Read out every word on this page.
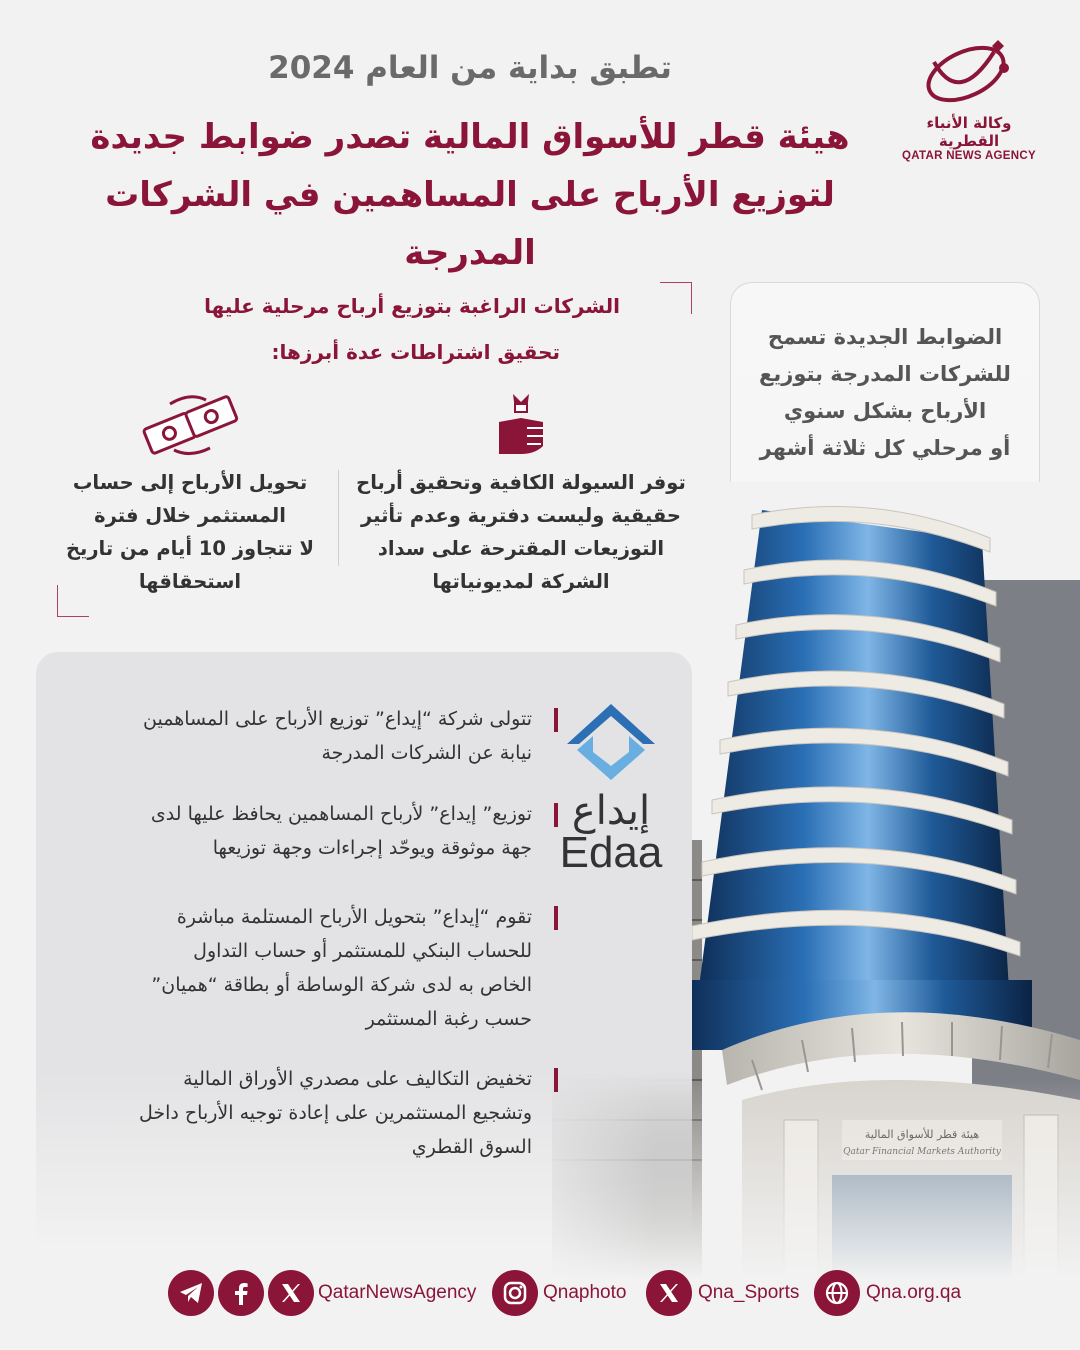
وكالة الأنباء القطرية
QATAR NEWS AGENCY
تطبق بداية من العام 2024
هيئة قطر للأسواق المالية تصدر ضوابط جديدة
لتوزيع الأرباح على المساهمين في الشركات المدرجة
الضوابط الجديدة تسمح
للشركات المدرجة بتوزيع
الأرباح بشكل سنوي
أو مرحلي كل ثلاثة أشهر
الشركات الراغبة بتوزيع أرباح مرحلية عليها
تحقيق اشتراطات عدة أبرزها:
توفر السيولة الكافية وتحقيق أرباح
حقيقية وليست دفترية وعدم تأثير
التوزيعات المقترحة على سداد
الشركة لمديونياتها
تحويل الأرباح إلى حساب
المستثمر خلال فترة
لا تتجاوز 10 أيام من تاريخ
استحقاقها
إيداع
Edaa
تتولى شركة “إيداع” توزيع الأرباح على المساهمين
نيابة عن الشركات المدرجة
توزيع” إيداع” لأرباح المساهمين يحافظ عليها لدى
جهة موثوقة ويوحّد إجراءات وجهة توزيعها
تقوم “إيداع” بتحويل الأرباح المستلمة مباشرة
للحساب البنكي للمستثمر أو حساب التداول
الخاص به لدى شركة الوساطة أو بطاقة “هميان”
حسب رغبة المستثمر
تخفيض التكاليف على مصدري الأوراق المالية
وتشجيع المستثمرين على إعادة توجيه الأرباح داخل
السوق القطري
QatarNewsAgency	Qnaphoto	Qna_Sports	Qna.org.qa
